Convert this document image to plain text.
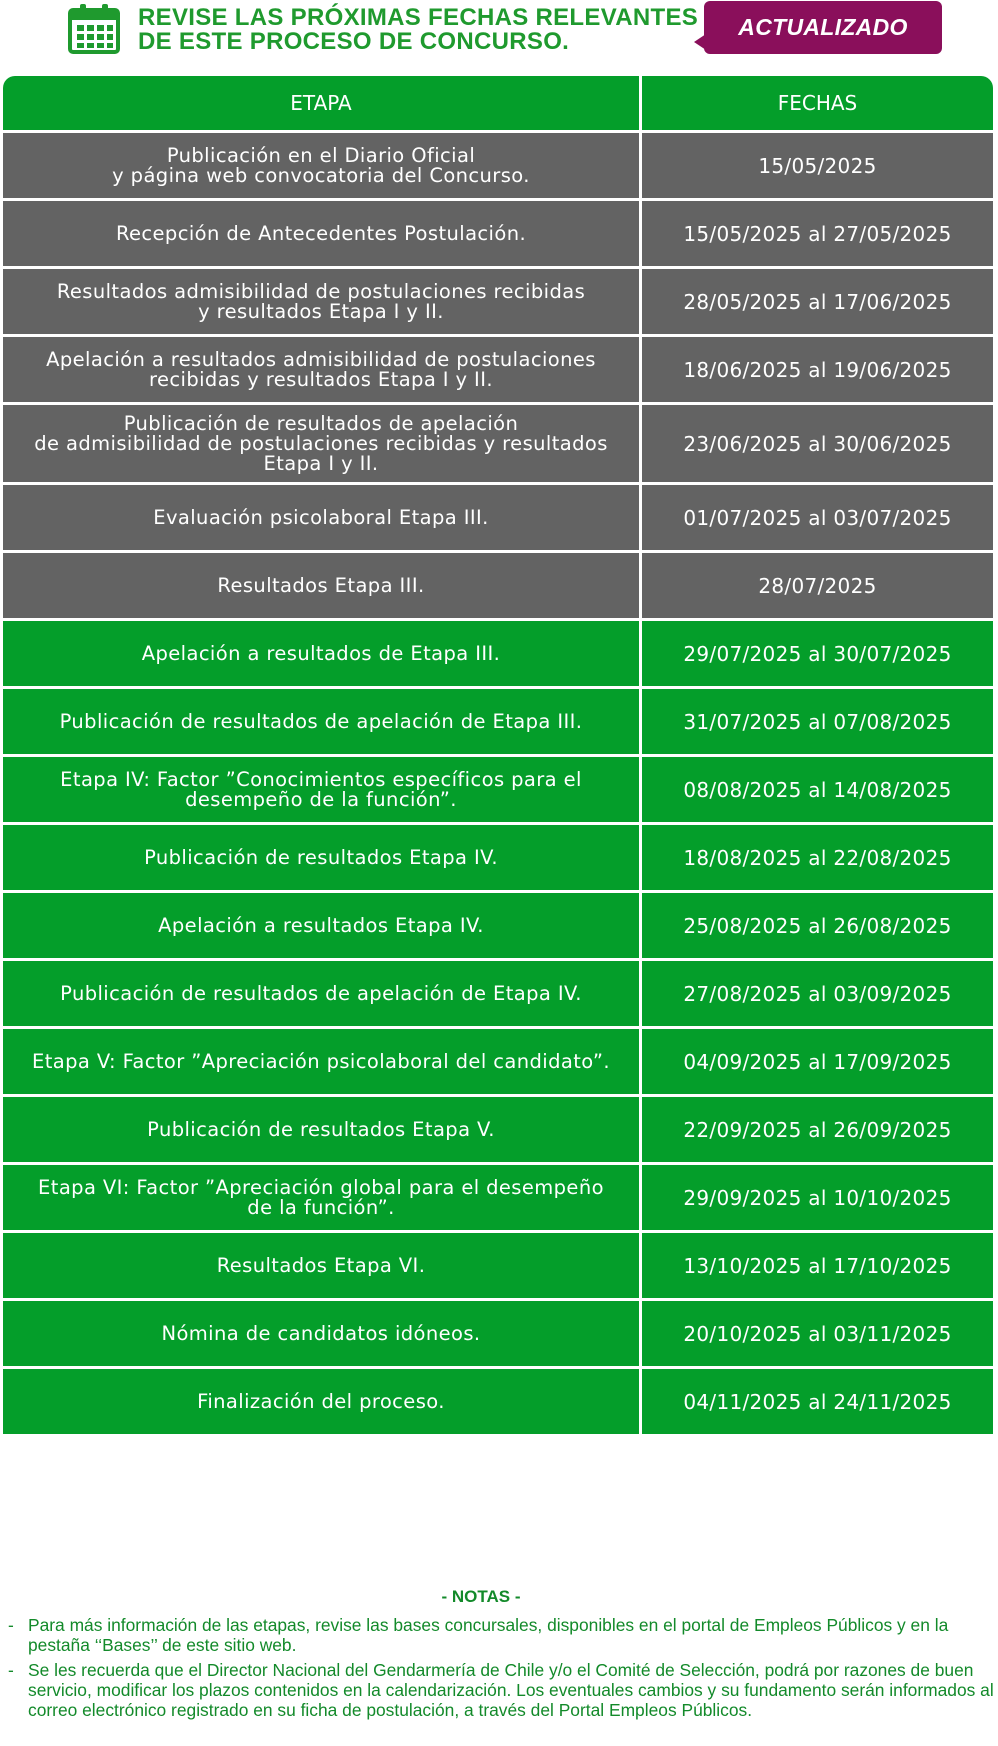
REVISE LAS PRÓXIMAS FECHAS RELEVANTES
DE ESTE PROCESO DE CONCURSO.
ACTUALIZADO
ETAPA	FECHAS
Publicación en el Diario Oficial
y página web convocatoria del Concurso.	15/05/2025
Recepción de Antecedentes Postulación.	15/05/2025 al 27/05/2025
Resultados admisibilidad de postulaciones recibidas
y resultados Etapa I y II.	28/05/2025 al 17/06/2025
Apelación a resultados admisibilidad de postulaciones
recibidas y resultados Etapa I y II.	18/06/2025 al 19/06/2025
Publicación de resultados de apelación
de admisibilidad de postulaciones recibidas y resultados
Etapa I y II.
23/06/2025 al 30/06/2025
Evaluación psicolaboral Etapa III.	01/07/2025 al 03/07/2025
Resultados Etapa III.	28/07/2025
Apelación a resultados de Etapa III.	29/07/2025 al 30/07/2025
Publicación de resultados de apelación de Etapa III.	31/07/2025 al 07/08/2025
Etapa IV: Factor ”Conocimientos específicos para el
desempeño de la función”.	08/08/2025 al 14/08/2025
Publicación de resultados Etapa IV.	18/08/2025 al 22/08/2025
Apelación a resultados Etapa IV.	25/08/2025 al 26/08/2025
Publicación de resultados de apelación de Etapa IV.	27/08/2025 al 03/09/2025
Etapa V: Factor ”Apreciación psicolaboral del candidato”.	04/09/2025 al 17/09/2025
Publicación de resultados Etapa V.	22/09/2025 al 26/09/2025
Etapa VI: Factor ”Apreciación global para el desempeño
de la función”.	29/09/2025 al 10/10/2025
Resultados Etapa VI.	13/10/2025 al 17/10/2025
Nómina de candidatos idóneos.	20/10/2025 al 03/11/2025
Finalización del proceso.	04/11/2025 al 24/11/2025
- NOTAS -
- Para más información de las etapas, revise las bases concursales, disponibles en el portal de Empleos Públicos y en la pestaña ‘‘Bases’’ de este sitio web.
- Se les recuerda que el Director Nacional del Gendarmería de Chile y/o el Comité de Selección, podrá por razones de buen servicio, modificar los plazos contenidos en la calendarización. Los eventuales cambios y su fundamento serán informados al correo electrónico registrado en su ficha de postulación, a través del Portal Empleos Públicos.
